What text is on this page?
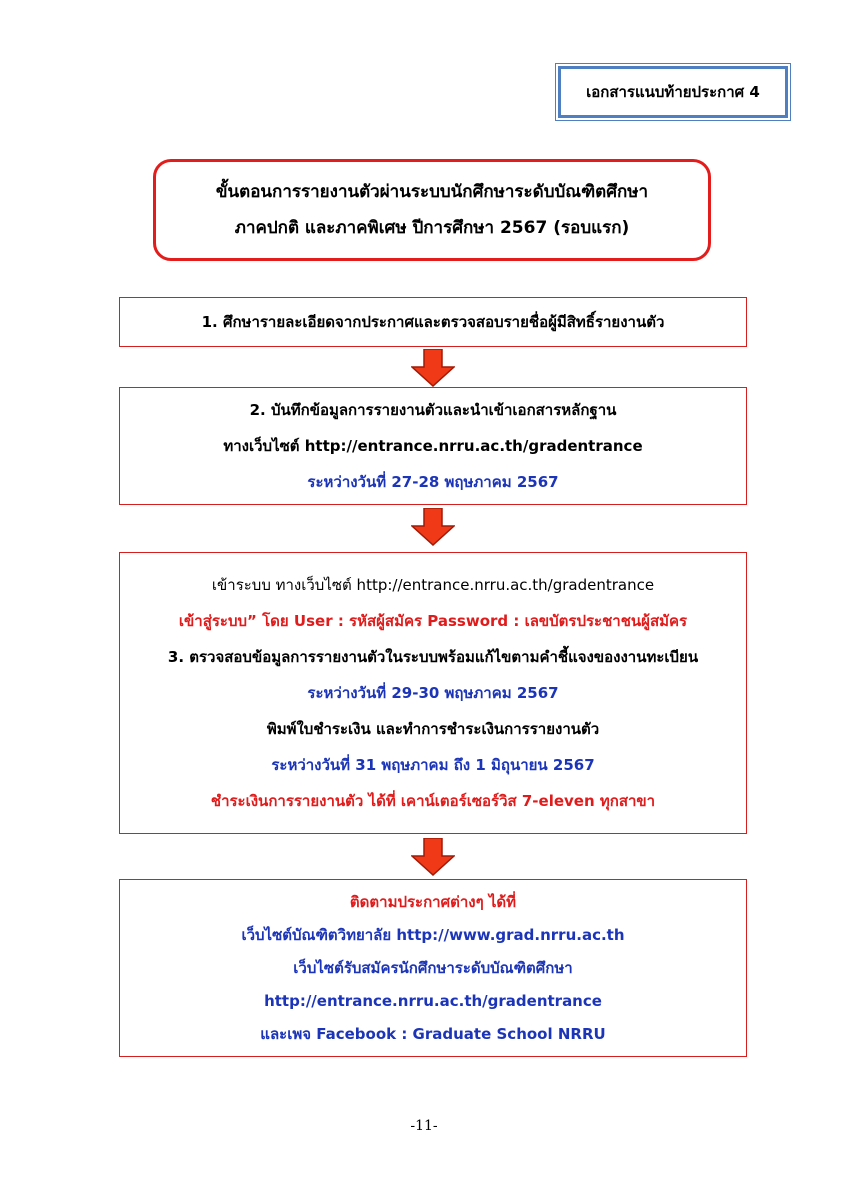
เอกสารแนบท้ายประกาศ 4
ขั้นตอนการรายงานตัวผ่านระบบนักศึกษาระดับบัณฑิตศึกษา
ภาคปกติ และภาคพิเศษ ปีการศึกษา 2567 (รอบแรก)
1. ศึกษารายละเอียดจากประกาศและตรวจสอบรายชื่อผู้มีสิทธิ์รายงานตัว
2. บันทึกข้อมูลการรายงานตัวและนำเข้าเอกสารหลักฐาน
ทางเว็บไซต์ http://entrance.nrru.ac.th/gradentrance
ระหว่างวันที่ 27-28 พฤษภาคม 2567
เข้าระบบ ทางเว็บไซต์ http://entrance.nrru.ac.th/gradentrance
เข้าสู่ระบบ” โดย User : รหัสผู้สมัคร Password : เลขบัตรประชาชนผู้สมัคร
3. ตรวจสอบข้อมูลการรายงานตัวในระบบพร้อมแก้ไขตามคำชี้แจงของงานทะเบียน
ระหว่างวันที่ 29-30 พฤษภาคม 2567
พิมพ์ใบชำระเงิน และทำการชำระเงินการรายงานตัว
ระหว่างวันที่ 31 พฤษภาคม ถึง 1 มิถุนายน 2567
ชำระเงินการรายงานตัว ได้ที่ เคาน์เตอร์เซอร์วิส 7-eleven ทุกสาขา
ติดตามประกาศต่างๆ ได้ที่
เว็บไซต์บัณฑิตวิทยาลัย http://www.grad.nrru.ac.th
เว็บไซต์รับสมัครนักศึกษาระดับบัณฑิตศึกษา
http://entrance.nrru.ac.th/gradentrance
และเพจ Facebook : Graduate School NRRU
-11-
